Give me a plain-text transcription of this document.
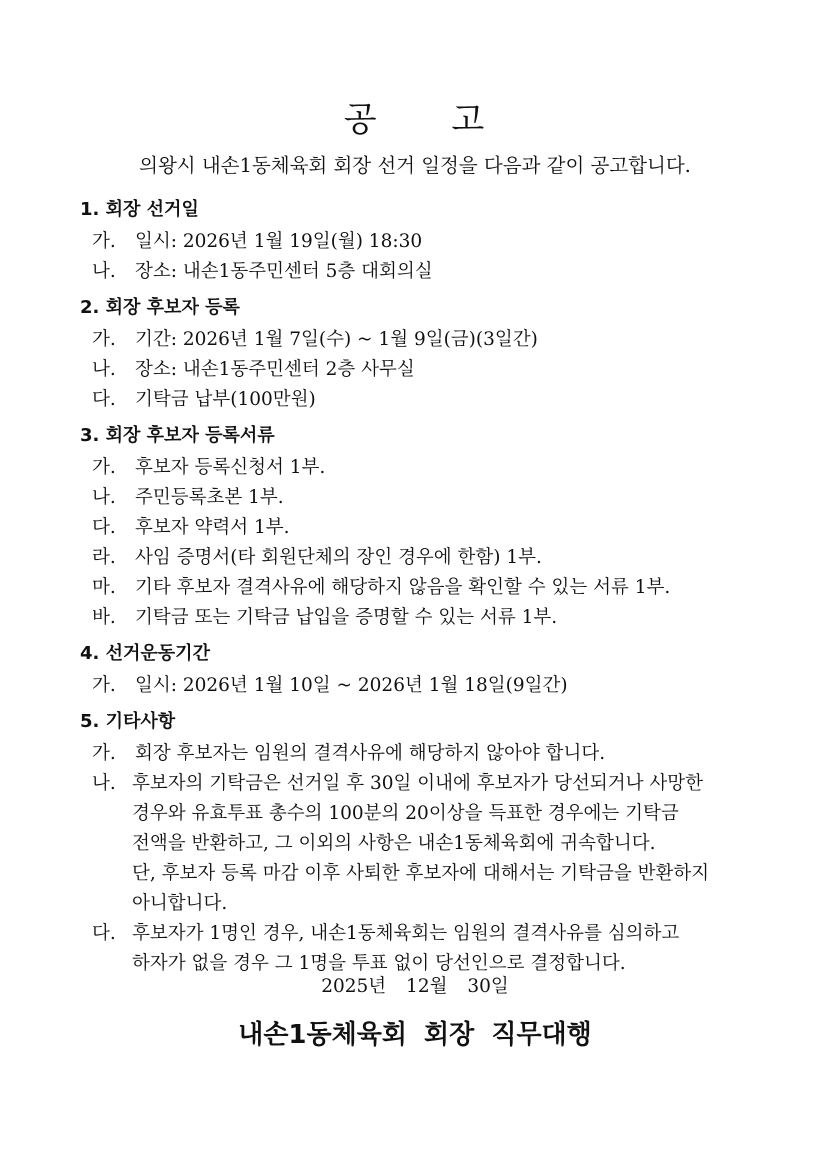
공 고
의왕시 내손1동체육회 회장 선거 일정을 다음과 같이 공고합니다.
1. 회장 선거일
가. 일시: 2026년 1월 19일(월) 18:30
나. 장소: 내손1동주민센터 5층 대회의실
2. 회장 후보자 등록
가. 기간: 2026년 1월 7일(수) ~ 1월 9일(금)(3일간)
나. 장소: 내손1동주민센터 2층 사무실
다. 기탁금 납부(100만원)
3. 회장 후보자 등록서류
가. 후보자 등록신청서 1부.
나. 주민등록초본 1부.
다. 후보자 약력서 1부.
라. 사임 증명서(타 회원단체의 장인 경우에 한함) 1부.
마. 기타 후보자 결격사유에 해당하지 않음을 확인할 수 있는 서류 1부.
바. 기탁금 또는 기탁금 납입을 증명할 수 있는 서류 1부.
4. 선거운동기간
가. 일시: 2026년 1월 10일 ~ 2026년 1월 18일(9일간)
5. 기타사항
가. 회장 후보자는 임원의 결격사유에 해당하지 않아야 합니다.
나. 후보자의 기탁금은 선거일 후 30일 이내에 후보자가 당선되거나 사망한
경우와 유효투표 총수의 100분의 20이상을 득표한 경우에는 기탁금
전액을 반환하고, 그 이외의 사항은 내손1동체육회에 귀속합니다.
단, 후보자 등록 마감 이후 사퇴한 후보자에 대해서는 기탁금을 반환하지
아니합니다.
다. 후보자가 1명인 경우, 내손1동체육회는 임원의 결격사유를 심의하고
하자가 없을 경우 그 1명을 투표 없이 당선인으로 결정합니다.
2025년 12월 30일
내손1동체육회 회장 직무대행
